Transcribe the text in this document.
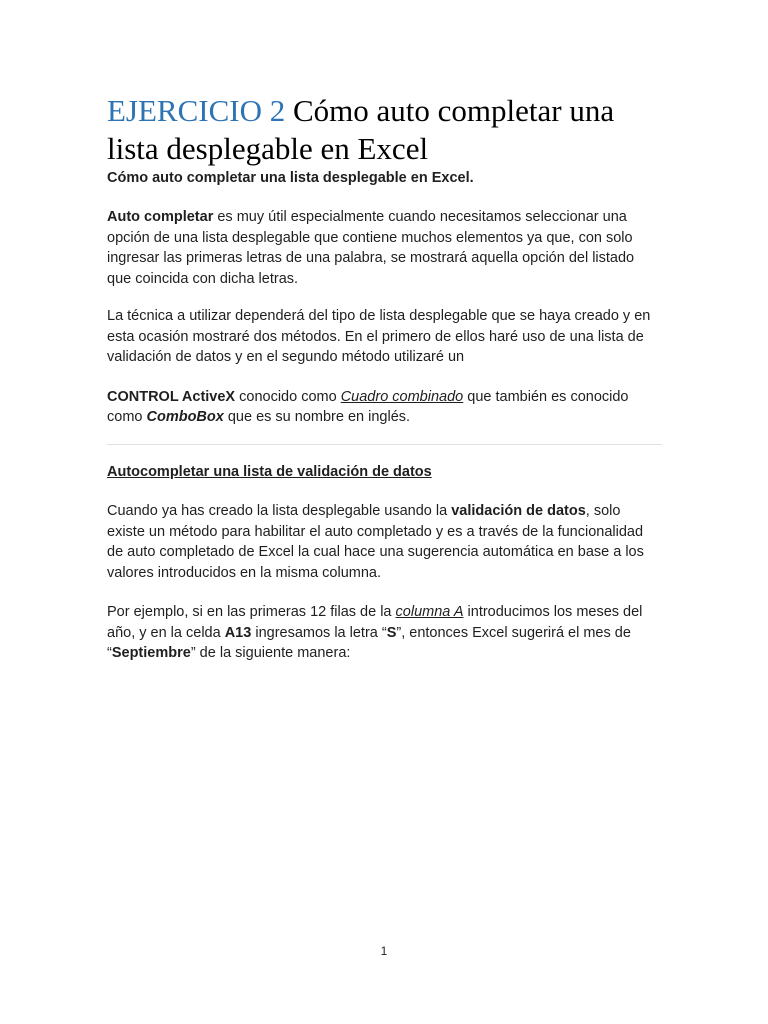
EJERCICIO 2 Cómo auto completar una lista desplegable en Excel
Cómo auto completar una lista desplegable en Excel.

Auto completar es muy útil especialmente cuando necesitamos seleccionar una opción de una lista desplegable que contiene muchos elementos ya que, con solo ingresar las primeras letras de una palabra, se mostrará aquella opción del listado que coincida con dicha letras.

La técnica a utilizar dependerá del tipo de lista desplegable que se haya creado y en esta ocasión mostraré dos métodos. En el primero de ellos haré uso de una lista de validación de datos y en el segundo método utilizaré un

CONTROL ActiveX conocido como Cuadro combinado que también es conocido como ComboBox que es su nombre en inglés.

Autocompletar una lista de validación de datos

Cuando ya has creado la lista desplegable usando la validación de datos, solo existe un método para habilitar el auto completado y es a través de la funcionalidad de auto completado de Excel la cual hace una sugerencia automática en base a los valores introducidos en la misma columna.

Por ejemplo, si en las primeras 12 filas de la columna A introducimos los meses del año, y en la celda A13 ingresamos la letra “S”, entonces Excel sugerirá el mes de “Septiembre” de la siguiente manera:

1
